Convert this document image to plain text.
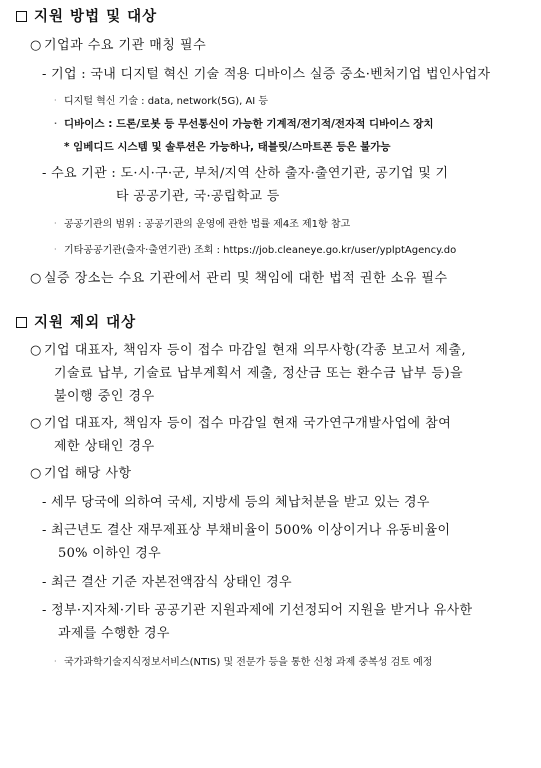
지원 방법 및 대상
○ 기업과 수요 기관 매칭 필수
- 기업 : 국내 디지털 혁신 기술 적용 디바이스 실증 중소·벤처기업 법인사업자
· 디지털 혁신 기술 : data, network(5G), AI 등
· 디바이스 : 드론/로봇 등 무선통신이 가능한 기계적/전기적/전자적 디바이스 장치
* 임베디드 시스템 및 솔루션은 가능하나, 태블릿/스마트폰 등은 불가능
- 수요 기관 : 도·시·구·군, 부처/지역 산하 출자·출연기관, 공기업 및 기
타 공공기관, 국·공립학교 등
· 공공기관의 범위 : 공공기관의 운영에 관한 법률 제4조 제1항 참고
· 기타공공기관(출자·출연기관) 조회 : https://job.cleaneye.go.kr/user/yplptAgency.do
○ 실증 장소는 수요 기관에서 관리 및 책임에 대한 법적 권한 소유 필수
지원 제외 대상
○ 기업 대표자, 책임자 등이 접수 마감일 현재 의무사항(각종 보고서 제출,
기술료 납부, 기술료 납부계획서 제출, 정산금 또는 환수금 납부 등)을
불이행 중인 경우
○ 기업 대표자, 책임자 등이 접수 마감일 현재 국가연구개발사업에 참여
제한 상태인 경우
○ 기업 해당 사항
- 세무 당국에 의하여 국세, 지방세 등의 체납처분을 받고 있는 경우
- 최근년도 결산 재무제표상 부채비율이 500% 이상이거나 유동비율이
50% 이하인 경우
- 최근 결산 기준 자본전액잠식 상태인 경우
- 정부·지자체·기타 공공기관 지원과제에 기선정되어 지원을 받거나 유사한
과제를 수행한 경우
· 국가과학기술지식정보서비스(NTIS) 및 전문가 등을 통한 신청 과제 중복성 검토 예정
